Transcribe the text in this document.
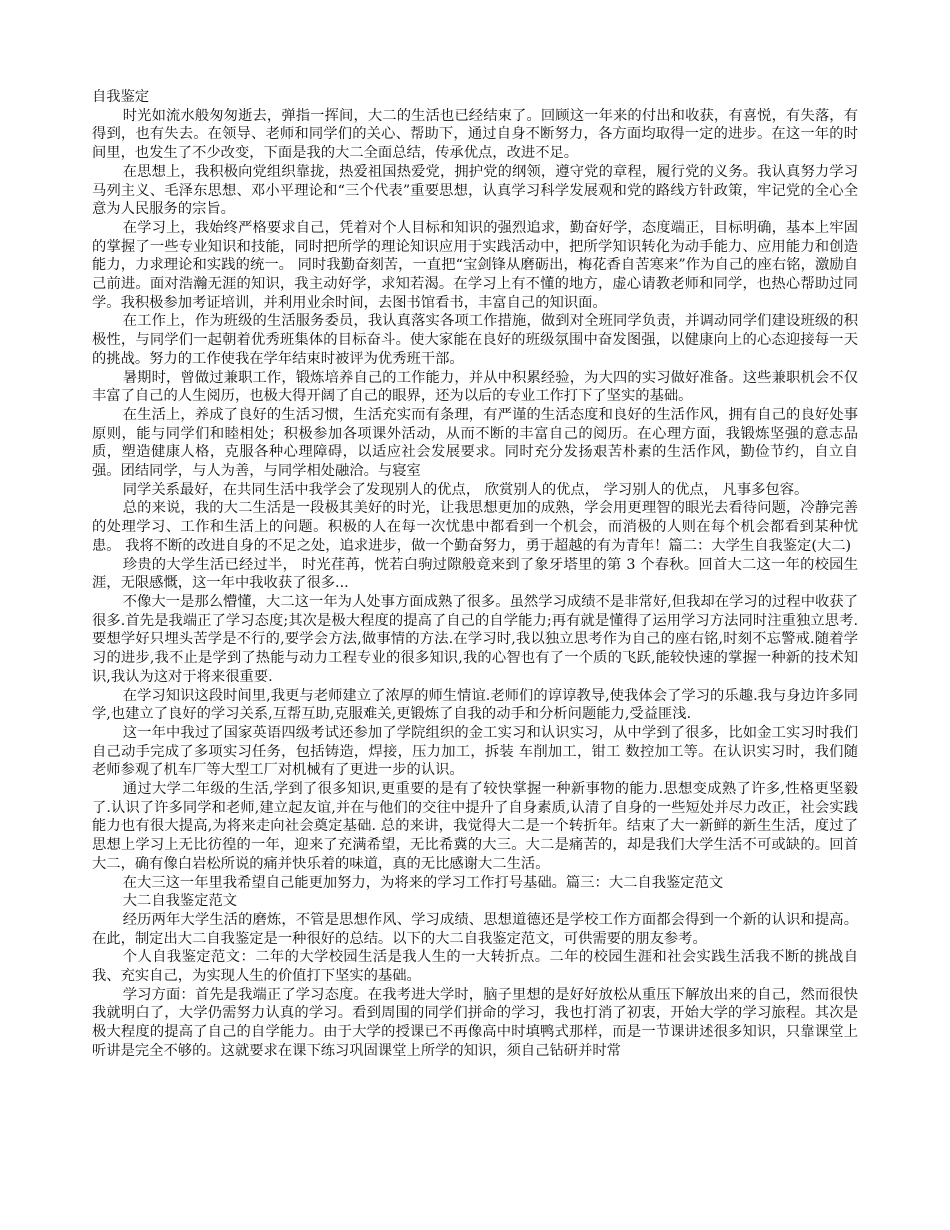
自我鉴定

时光如流水般匆匆逝去，弹指一挥间，大二的生活也已经结束了。回顾这一年来的付出和收获，有喜悦，有失落，有得到，也有失去。在领导、老师和同学们的关心、帮助下，通过自身不断努力，各方面均取得一定的进步。在这一年的时间里，也发生了不少改变，下面是我的大二全面总结，传承优点，改进不足。

在思想上，我积极向党组织靠拢，热爱祖国热爱党，拥护党的纲领，遵守党的章程，履行党的义务。我认真努力学习马列主义、毛泽东思想、邓小平理论和“三个代表”重要思想，认真学习科学发展观和党的路线方针政策，牢记党的全心全意为人民服务的宗旨。

在学习上，我始终严格要求自己，凭着对个人目标和知识的强烈追求，勤奋好学，态度端正，目标明确，基本上牢固的掌握了一些专业知识和技能，同时把所学的理论知识应用于实践活动中，把所学知识转化为动手能力、应用能力和创造能力，力求理论和实践的统一。 同时我勤奋刻苦，一直把“宝剑锋从磨砺出，梅花香自苦寒来”作为自己的座右铭，激励自己前进。面对浩瀚无涯的知识，我主动好学，求知若渴。在学习上有不懂的地方，虚心请教老师和同学，也热心帮助过同学。我积极参加考证培训，并利用业余时间，去图书馆看书，丰富自己的知识面。

在工作上，作为班级的生活服务委员，我认真落实各项工作措施，做到对全班同学负责，并调动同学们建设班级的积极性，与同学们一起朝着优秀班集体的目标奋斗。使大家能在良好的班级氛围中奋发图强，以健康向上的心态迎接每一天的挑战。努力的工作使我在学年结束时被评为优秀班干部。

暑期时，曾做过兼职工作，锻炼培养自己的工作能力，并从中积累经验，为大四的实习做好准备。这些兼职机会不仅丰富了自己的人生阅历，也极大得开阔了自己的眼界，还为以后的专业工作打下了坚实的基础。

在生活上，养成了良好的生活习惯，生活充实而有条理，有严谨的生活态度和良好的生活作风，拥有自己的良好处事原则，能与同学们和睦相处；积极参加各项课外活动，从而不断的丰富自己的阅历。在心理方面，我锻炼坚强的意志品质，塑造健康人格，克服各种心理障碍，以适应社会发展要求。同时充分发扬艰苦朴素的生活作风，勤俭节约，自立自强。团结同学，与人为善，与同学相处融洽。与寝室

同学关系最好，在共同生活中我学会了发现别人的优点， 欣赏别人的优点， 学习别人的优点， 凡事多包容。

总的来说，我的大二生活是一段极其美好的时光，让我思想更加的成熟，学会用更理智的眼光去看待问题，冷静完善的处理学习、工作和生活上的问题。积极的人在每一次忧患中都看到一个机会，而消极的人则在每个机会都看到某种忧患。 我将不断的改进自身的不足之处，追求进步，做一个勤奋努力，勇于超越的有为青年！篇二：大学生自我鉴定(大二)

珍贵的大学生活已经过半， 时光荏苒，恍若白驹过隙般竟来到了象牙塔里的第 3 个春秋。回首大二这一年的校园生涯，无限感慨，这一年中我收获了很多...

不像大一是那么懵懂，大二这一年为人处事方面成熟了很多。虽然学习成绩不是非常好,但我却在学习的过程中收获了很多.首先是我端正了学习态度;其次是极大程度的提高了自己的自学能力;再有就是懂得了运用学习方法同时注重独立思考.要想学好只埋头苦学是不行的,要学会方法,做事情的方法.在学习时,我以独立思考作为自己的座右铭,时刻不忘警戒.随着学习的进步,我不止是学到了热能与动力工程专业的很多知识,我的心智也有了一个质的飞跃,能较快速的掌握一种新的技术知识,我认为这对于将来很重要.

在学习知识这段时间里,我更与老师建立了浓厚的师生情谊.老师们的谆谆教导,使我体会了学习的乐趣.我与身边许多同学,也建立了良好的学习关系,互帮互助,克服难关,更锻炼了自我的动手和分析问题能力,受益匪浅.

这一年中我过了国家英语四级考试还参加了学院组织的金工实习和认识实习，从中学到了很多，比如金工实习时我们自己动手完成了多项实习任务，包括铸造，焊接，压力加工，拆装 车削加工，钳工 数控加工等。在认识实习时，我们随老师参观了机车厂等大型工厂对机械有了更进一步的认识。

通过大学二年级的生活,学到了很多知识,更重要的是有了较快掌握一种新事物的能力.思想变成熟了许多,性格更坚毅了.认识了许多同学和老师,建立起友谊,并在与他们的交往中提升了自身素质,认清了自身的一些短处并尽力改正，社会实践能力也有很大提高,为将来走向社会奠定基础. 总的来讲，我觉得大二是一个转折年。结束了大一新鲜的新生生活，度过了思想上学习上无比彷徨的一年，迎来了充满希望，无比希冀的大三。大二是痛苦的，却是我们大学生活不可或缺的。回首大二，确有像白岩松所说的痛并快乐着的味道，真的无比感谢大二生活。

在大三这一年里我希望自己能更加努力，为将来的学习工作打号基础。篇三：大二自我鉴定范文

大二自我鉴定范文

经历两年大学生活的磨炼，不管是思想作风、学习成绩、思想道德还是学校工作方面都会得到一个新的认识和提高。在此，制定出大二自我鉴定是一种很好的总结。以下的大二自我鉴定范文，可供需要的朋友参考。

个人自我鉴定范文：二年的大学校园生活是我人生的一大转折点。二年的校园生涯和社会实践生活我不断的挑战自我、充实自己，为实现人生的价值打下坚实的基础。

学习方面：首先是我端正了学习态度。在我考进大学时，脑子里想的是好好放松从重压下解放出来的自己，然而很快我就明白了，大学仍需努力认真的学习。看到周围的同学们拼命的学习，我也打消了初衷，开始大学的学习旅程。其次是极大程度的提高了自己的自学能力。由于大学的授课已不再像高中时填鸭式那样，而是一节课讲述很多知识，只靠课堂上听讲是完全不够的。这就要求在课下练习巩固课堂上所学的知识，须自己钻研并时常
